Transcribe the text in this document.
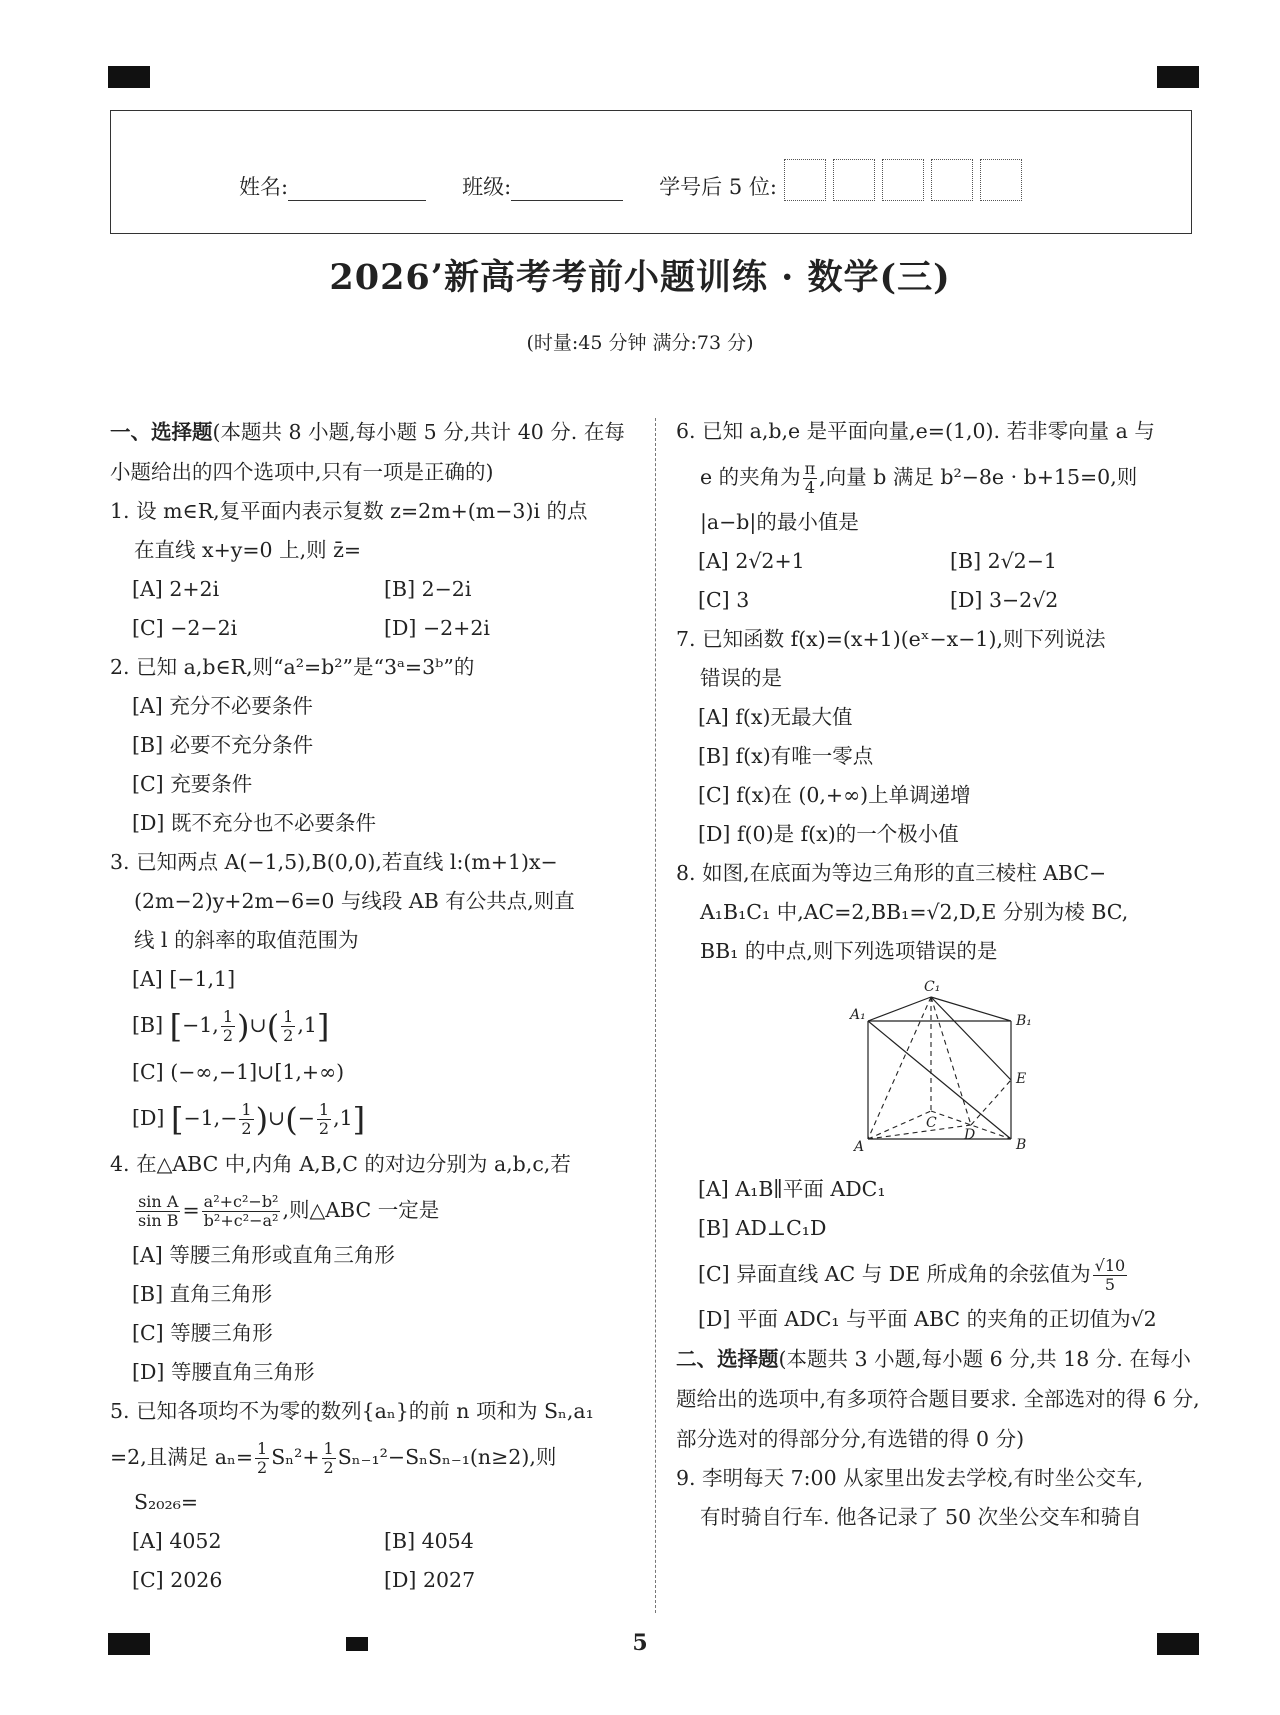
姓名:	班级:	学号后 5 位:
2026’新高考考前小题训练 · 数学(三)
(时量:45 分钟 满分:73 分)
一、选择题(本题共 8 小题,每小题 5 分,共计 40 分. 在每小题给出的四个选项中,只有一项是正确的)
1. 设 m∈R,复平面内表示复数 z=2m+(m−3)i 的点
在直线 x+y=0 上,则 z̄=
[A] 2+2i	[B] 2−2i
[C] −2−2i	[D] −2+2i
2. 已知 a,b∈R,则“a²=b²”是“3ᵃ=3ᵇ”的
[A] 充分不必要条件
[B] 必要不充分条件
[C] 充要条件
[D] 既不充分也不必要条件
3. 已知两点 A(−1,5),B(0,0),若直线 l:(m+1)x−
(2m−2)y+2m−6=0 与线段 AB 有公共点,则直
线 l 的斜率的取值范围为
[A] [−1,1]
[B] [−1, $\frac{1}{2}$ )∪( $\frac{1}{2} ,1$]
[C] (−∞,−1]∪[1,+∞)
[D] [$-1,- \frac{1}{2}$ )∪(− $\frac{1}{2} ,1$]
4. 在△ABC 中,内角 A,B,C 的对边分别为 a,b,c,若
$\frac{\text{sin A}}{\text{sin B}} = \frac{\text{a²+c²−b²}}{\text{b²+c²−a²}}$ ,则△ABC 一定是
[A] 等腰三角形或直角三角形
[B] 直角三角形
[C] 等腰三角形
[D] 等腰直角三角形
5. 已知各项均不为零的数列{aₙ}的前 n 项和为 Sₙ,a₁
=2,且满足 $a_n= \frac{1}{2} S_n^2+ \frac{1}{2} S_{n-1}^2-S_nS_{n-1}(n\ge 2)$,则
S₂₀₂₆=
[A] 4052	[B] 4054
[C] 2026	[D] 2027
6. 已知 a,b,e 是平面向量,e=(1,0). 若非零向量 a 与
e 的夹角为 $\frac{\pi}{4}$ ,向量 b 满足 b²−8e · b+15=0,则
|a−b|的最小值是
[A] 2√2+1	[B] 2√2−1
[C] 3	[D] 3−2√2
7. 已知函数 f(x)=(x+1)(eˣ−x−1),则下列说法
错误的是
[A] f(x)无最大值
[B] f(x)有唯一零点
[C] f(x)在 (0,+∞)上单调递增
[D] f(0)是 f(x)的一个极小值
8. 如图,在底面为等边三角形的直三棱柱 ABC−
A₁B₁C₁ 中,AC=2,BB₁=√2,D,E 分别为棱 BC,
BB₁ 的中点,则下列选项错误的是
C₁
A₁	B₁
E
C
D
A	B
[A] A₁B∥平面 ADC₁
[B] AD⊥C₁D
[C] 异面直线 AC 与 DE 所成角的余弦值为 $\frac{√10}{5}$
[D] 平面 ADC₁ 与平面 ABC 的夹角的正切值为√2
二、选择题(本题共 3 小题,每小题 6 分,共 18 分. 在每小题给出的选项中,有多项符合题目要求. 全部选对的得 6 分,部分选对的得部分分,有选错的得 0 分)
9. 李明每天 7:00 从家里出发去学校,有时坐公交车,
有时骑自行车. 他各记录了 50 次坐公交车和骑自
5
